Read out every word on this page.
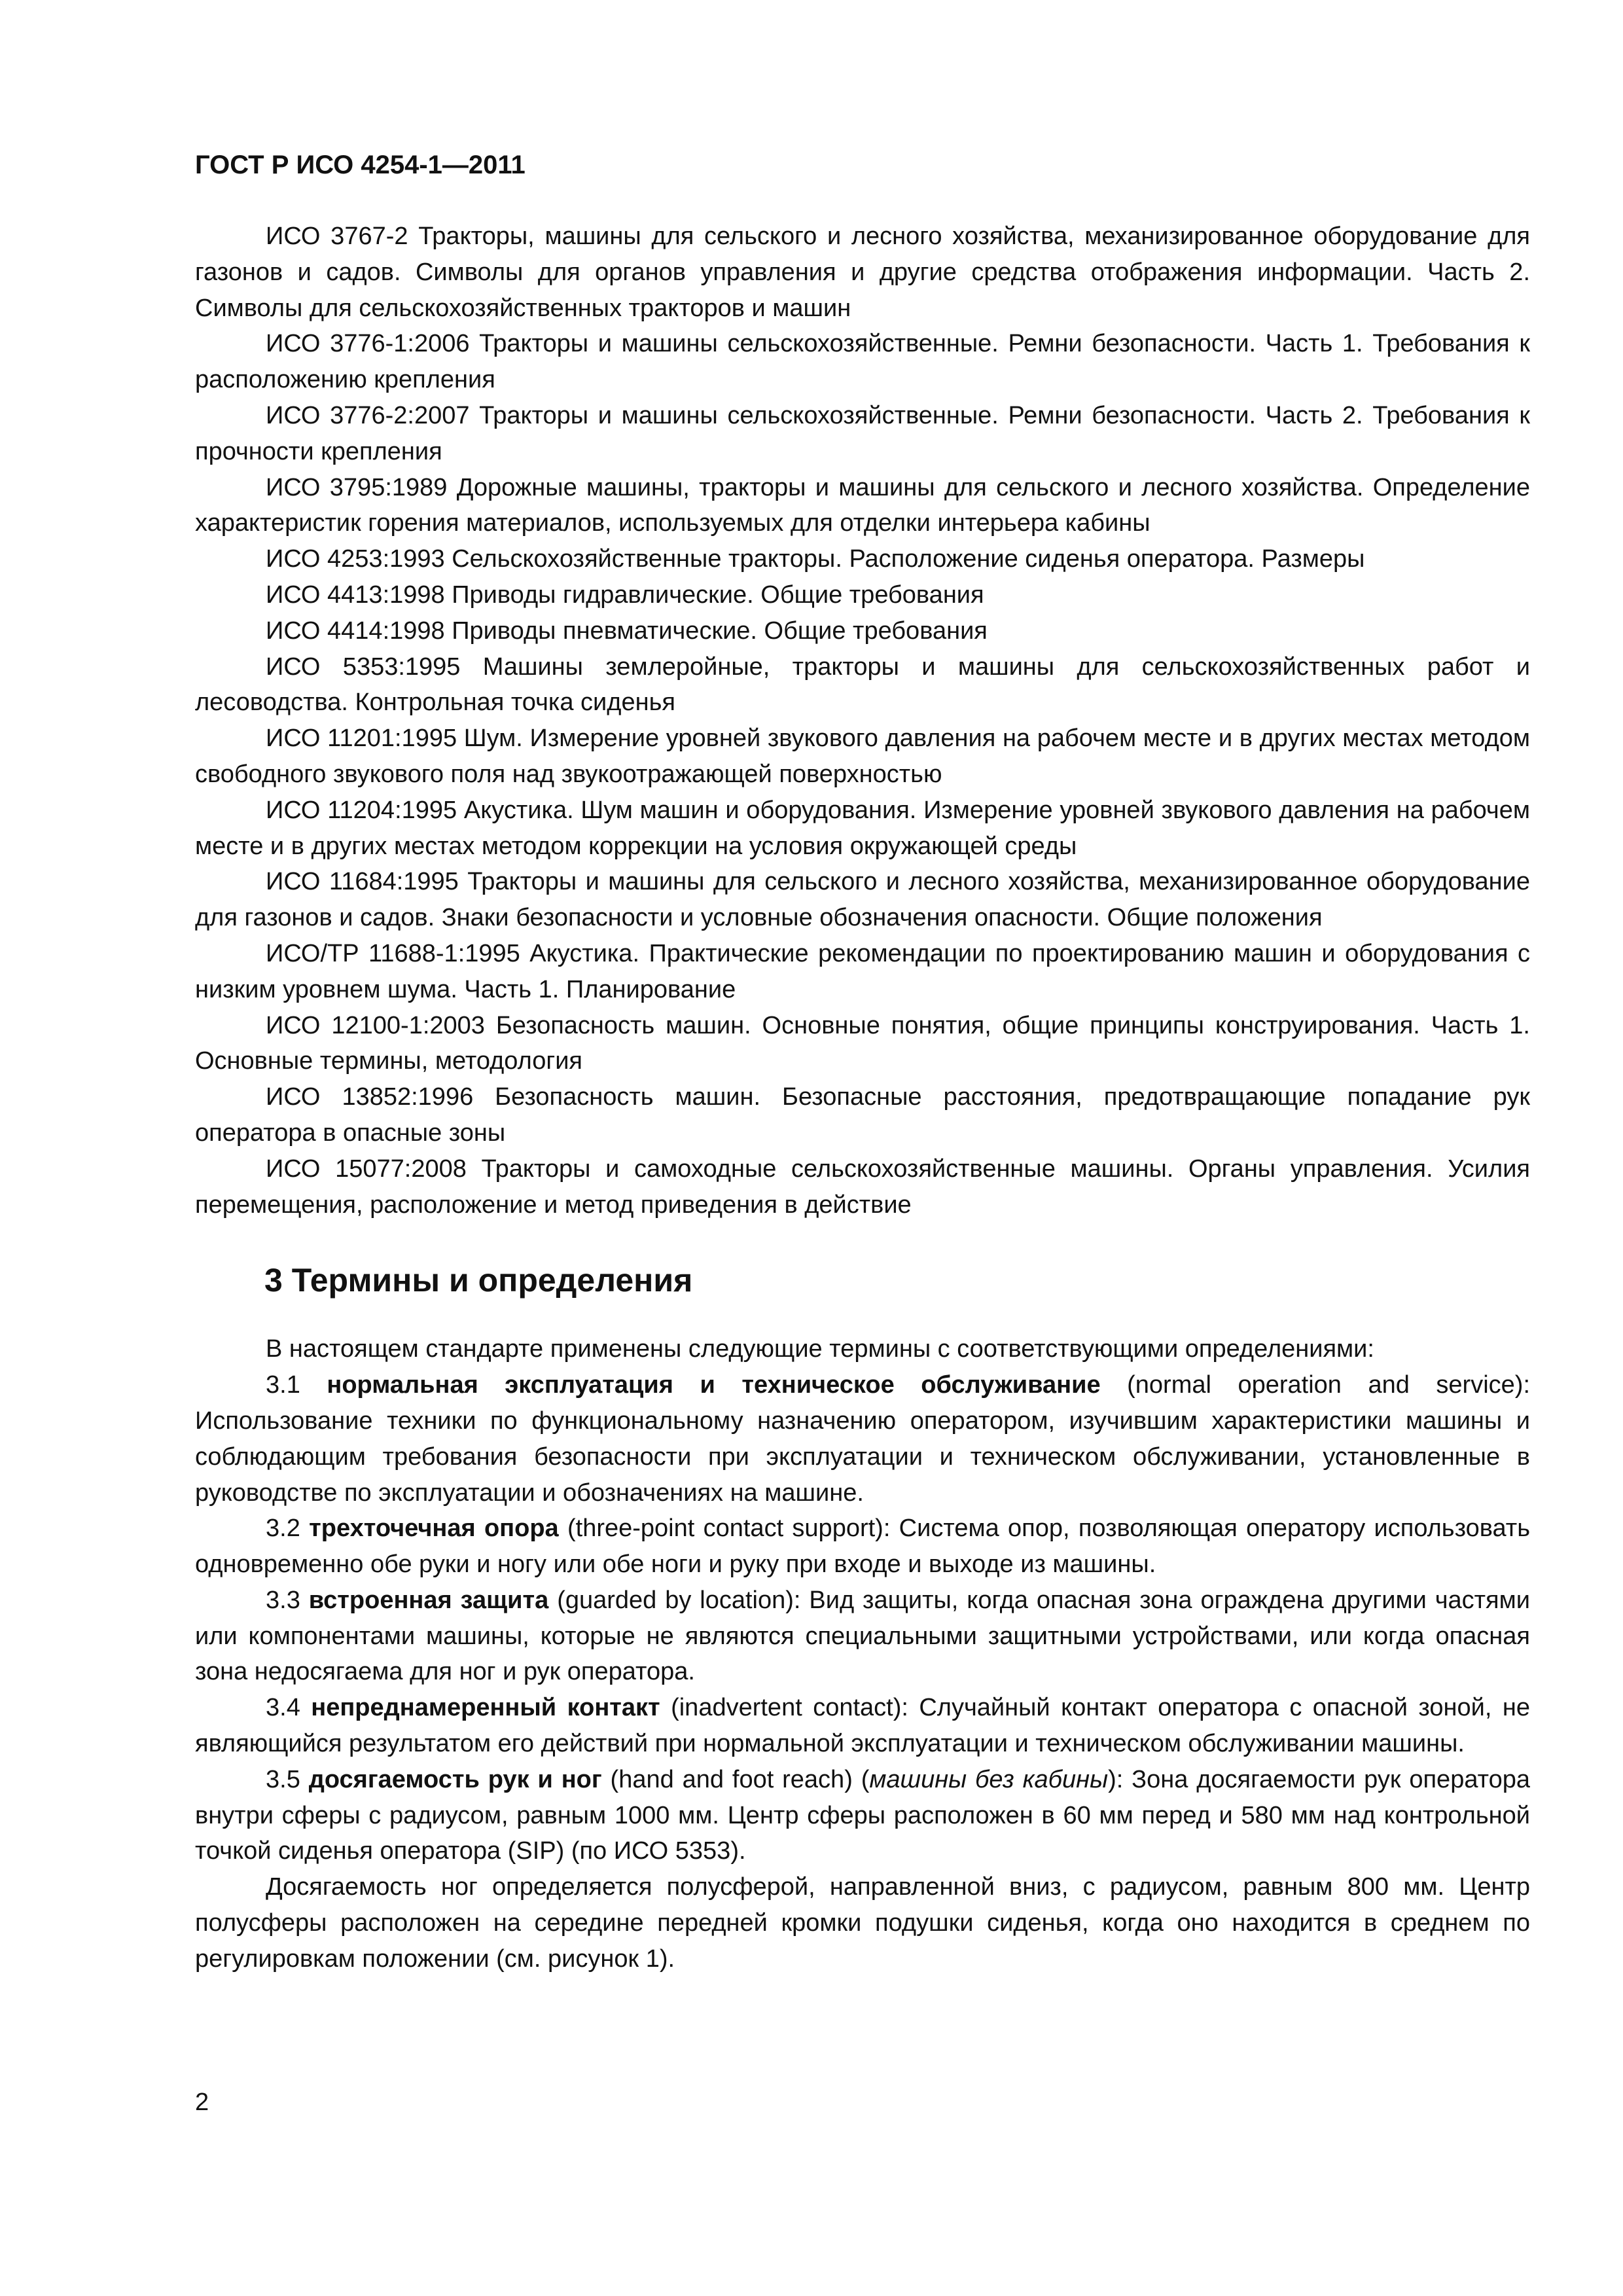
ГОСТ Р ИСО 4254-1—2011

ИСО 3767-2 Тракторы, машины для сельского и лесного хозяйства, механизированное оборудование для газонов и садов. Символы для органов управления и другие средства отображения информации. Часть 2. Символы для сельскохозяйственных тракторов и машин

ИСО 3776-1:2006 Тракторы и машины сельскохозяйственные. Ремни безопасности. Часть 1. Требования к расположению крепления

ИСО 3776-2:2007 Тракторы и машины сельскохозяйственные. Ремни безопасности. Часть 2. Требования к прочности крепления

ИСО 3795:1989 Дорожные машины, тракторы и машины для сельского и лесного хозяйства. Определение характеристик горения материалов, используемых для отделки интерьера кабины

ИСО 4253:1993 Сельскохозяйственные тракторы. Расположение сиденья оператора. Размеры

ИСО 4413:1998 Приводы гидравлические. Общие требования

ИСО 4414:1998 Приводы пневматические. Общие требования

ИСО 5353:1995 Машины землеройные, тракторы и машины для сельскохозяйственных работ и лесоводства. Контрольная точка сиденья

ИСО 11201:1995 Шум. Измерение уровней звукового давления на рабочем месте и в других местах методом свободного звукового поля над звукоотражающей поверхностью

ИСО 11204:1995 Акустика. Шум машин и оборудования. Измерение уровней звукового давления на рабочем месте и в других местах методом коррекции на условия окружающей среды

ИСО 11684:1995 Тракторы и машины для сельского и лесного хозяйства, механизированное оборудование для газонов и садов. Знаки безопасности и условные обозначения опасности. Общие положения

ИСО/ТР 11688-1:1995 Акустика. Практические рекомендации по проектированию машин и оборудования с низким уровнем шума. Часть 1. Планирование

ИСО 12100-1:2003 Безопасность машин. Основные понятия, общие принципы конструирования. Часть 1. Основные термины, методология

ИСО 13852:1996 Безопасность машин. Безопасные расстояния, предотвращающие попадание рук оператора в опасные зоны

ИСО 15077:2008 Тракторы и самоходные сельскохозяйственные машины. Органы управления. Усилия перемещения, расположение и метод приведения в действие

3 Термины и определения

В настоящем стандарте применены следующие термины с соответствующими определениями:

3.1 нормальная эксплуатация и техническое обслуживание (normal operation and service): Использование техники по функциональному назначению оператором, изучившим характеристики машины и соблюдающим требования безопасности при эксплуатации и техническом обслуживании, установленные в руководстве по эксплуатации и обозначениях на машине.

3.2 трехточечная опора (three-point contact support): Система опор, позволяющая оператору использовать одновременно обе руки и ногу или обе ноги и руку при входе и выходе из машины.

3.3 встроенная защита (guarded by location): Вид защиты, когда опасная зона ограждена другими частями или компонентами машины, которые не являются специальными защитными устройствами, или когда опасная зона недосягаема для ног и рук оператора.

3.4 непреднамеренный контакт (inadvertent contact): Случайный контакт оператора с опасной зоной, не являющийся результатом его действий при нормальной эксплуатации и техническом обслуживании машины.

3.5 досягаемость рук и ног (hand and foot reach) (машины без кабины): Зона досягаемости рук оператора внутри сферы с радиусом, равным 1000 мм. Центр сферы расположен в 60 мм перед и 580 мм над контрольной точкой сиденья оператора (SIP) (по ИСО 5353).

Досягаемость ног определяется полусферой, направленной вниз, с радиусом, равным 800 мм. Центр полусферы расположен на середине передней кромки подушки сиденья, когда оно находится в среднем по регулировкам положении (см. рисунок 1).

2
